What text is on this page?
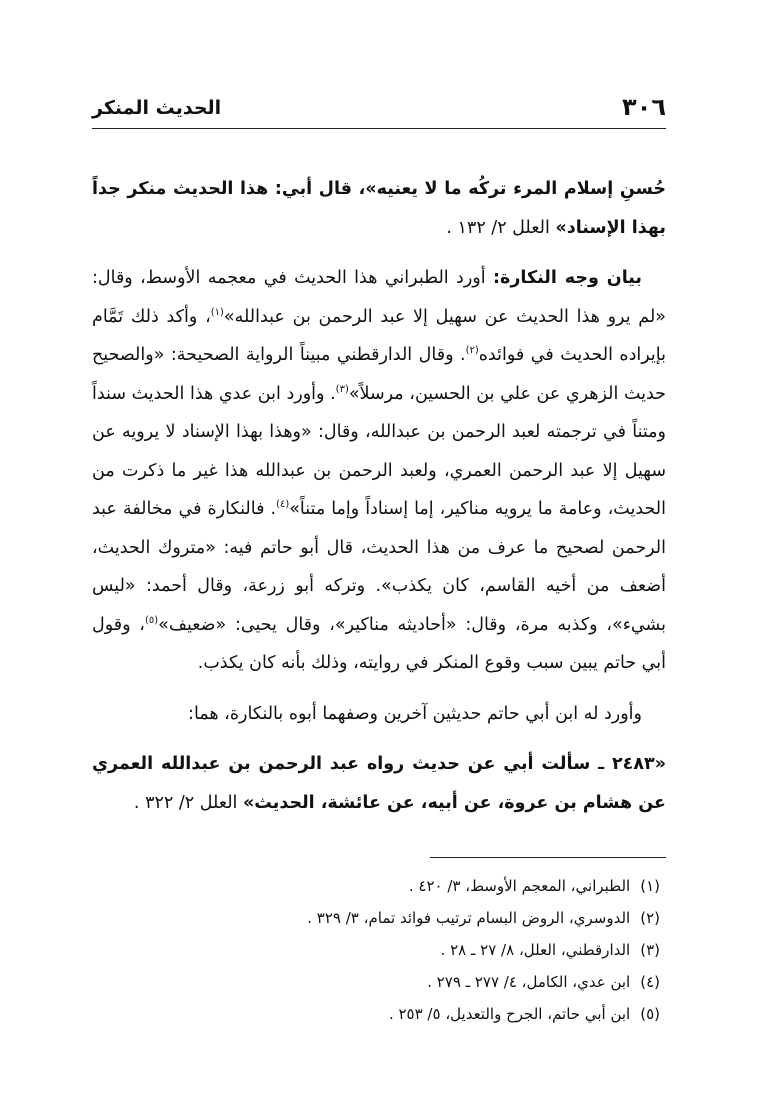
٣٠٦
الحديث المنكر

حُسنِ إسلام المرء تركُه ما لا يعنيه»، قال أبي: هذا الحديث منكر جداً بهذا الإسناد» العلل ٢/ ١٣٢ .

بيان وجه النكارة: أورد الطبراني هذا الحديث في معجمه الأوسط، وقال: «لم يرو هذا الحديث عن سهيل إلا عبد الرحمن بن عبدالله»$^{(١)}$، وأكد ذلك تَمَّام بإيراده الحديث في فوائده$^{(٢)}$. وقال الدارقطني مبيناً الرواية الصحيحة: «والصحيح حديث الزهري عن علي بن الحسين، مرسلاً»$^{(٣)}$. وأورد ابن عدي هذا الحديث سنداً ومتناً في ترجمته لعبد الرحمن بن عبدالله، وقال: «وهذا بهذا الإسناد لا يرويه عن سهيل إلا عبد الرحمن العمري، ولعبد الرحمن بن عبدالله هذا غير ما ذكرت من الحديث، وعامة ما يرويه مناكير، إما إسناداً وإما متناً»$^{(٤)}$. فالنكارة في مخالفة عبد الرحمن لصحيح ما عرف من هذا الحديث، قال أبو حاتم فيه: «متروك الحديث، أضعف من أخيه القاسم، كان يكذب». وتركه أبو زرعة، وقال أحمد: «ليس بشيء»، وكذبه مرة، وقال: «أحاديثه مناكير»، وقال يحيى: «ضعيف»$^{(٥)}$، وقول أبي حاتم يبين سبب وقوع المنكر في روايته، وذلك بأنه كان يكذب.

وأورد له ابن أبي حاتم حديثين آخرين وصفهما أبوه بالنكارة، هما:

«٢٤٨٣ ـ سألت أبي عن حديث رواه عبد الرحمن بن عبدالله العمري عن هشام بن عروة، عن أبيه، عن عائشة، الحديث» العلل ٢/ ٣٢٢ .

(١)الطبراني، المعجم الأوسط، ٣/ ٤٢٠ .

(٢)الدوسري، الروض البسام ترتيب فوائد تمام، ٣/ ٣٢٩ .

(٣)الدارقطني، العلل، ٨/ ٢٧ ـ ٢٨ .

(٤)ابن عدي، الكامل، ٤/ ٢٧٧ ـ ٢٧٩ .

(٥)ابن أبي حاتم، الجرح والتعديل، ٥/ ٢٥٣ .
